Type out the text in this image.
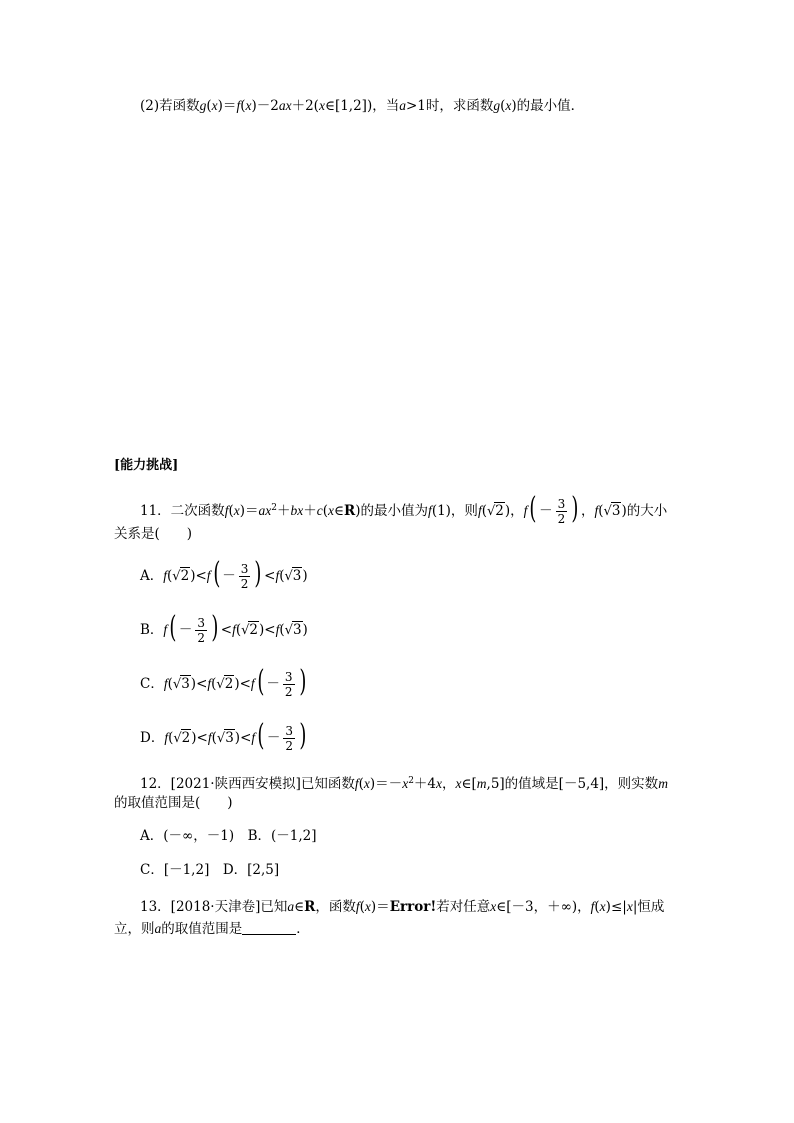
(2)若函数g(x)＝f(x)－2ax＋2(x∈[1,2])，当a>1时，求函数g(x)的最小值．
[能力挑战]
11．二次函数$f(x)=ax^2+bx+c(x\in R)$的最小值为f(1)，则f(√2)，$f( - \frac{3}{2}$ ) ，f(√3)的大小
关系是(　　)
A．$f(√2)<f( - \frac{3}{2}$ ) <f(√3)
B．$f( - \frac{3}{2}$ ) <f(√2)<f(√3)
C．$f(√3)<f(√2)<f( - \frac{3}{2}$ )
D．$f(√2)<f(√3)<f( - \frac{3}{2}$ )
12．[2021·陕西西安模拟]已知函数$f(x)=-x^2+4x$，x∈[m,5]的值域是[－5,4]，则实数m
的取值范围是(　　)
A．(－∞，－1)　B．(－1,2]
C．[－1,2]　D．[2,5]
13．[2018·天津卷]已知a∈R，函数f(x)＝Error!若对任意x∈[－3，＋∞)，f(x)≤|x|恒成
立，则a的取值范围是	．
